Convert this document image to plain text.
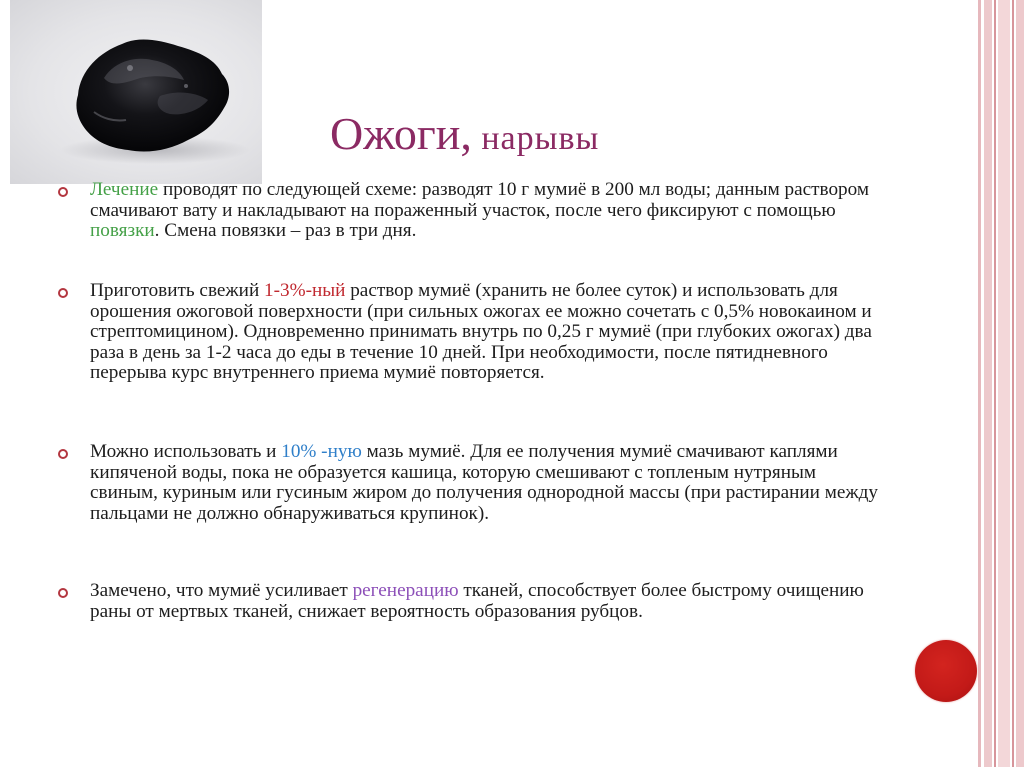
Ожоги, нарывы
Лечение проводят по следующей схеме: разводят 10 г мумиё в 200 мл воды; данным раствором смачивают вату и накладывают на пораженный участок, после чего фиксируют с помощью повязки. Смена повязки – раз в три дня.
Приготовить свежий 1-3%-ный раствор мумиё (хранить не более суток) и использовать для орошения ожоговой поверхности (при сильных ожогах ее можно сочетать с 0,5% новокаином и стрептомицином). Одновременно принимать внутрь по 0,25 г мумиё (при глубоких ожогах) два раза в день за 1-2 часа до еды в течение 10 дней. При необходимости, после пятидневного перерыва курс внутреннего приема мумиё повторяется.
Можно использовать и 10% -ную мазь мумиё. Для ее получения мумиё смачивают каплями кипяченой воды, пока не образуется кашица, которую смешивают с топленым нутряным свиным, куриным или гусиным жиром до получения однородной массы (при растирании между пальцами не должно обнаруживаться крупинок).
Замечено, что мумиё усиливает регенерацию тканей, способствует более быстрому очищению раны от мертвых тканей, снижает вероятность образования рубцов.
